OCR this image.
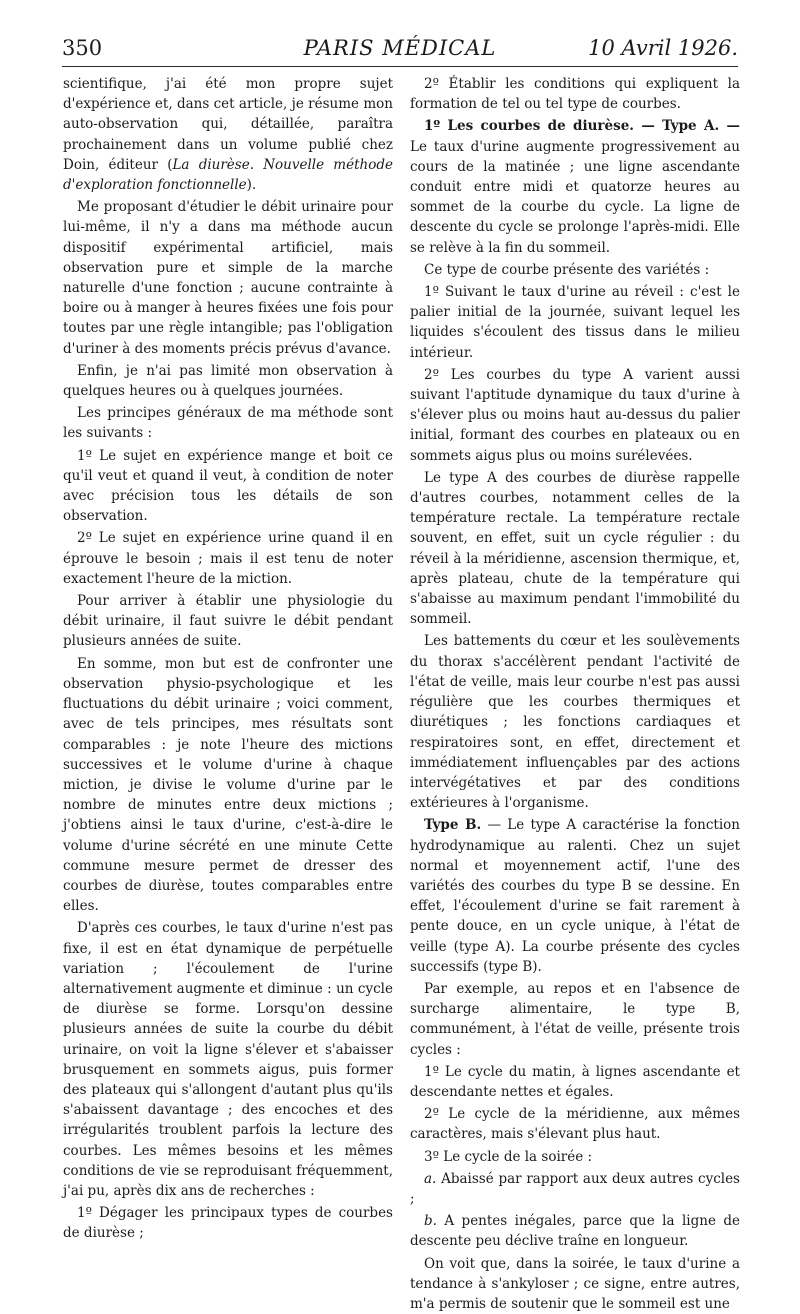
350	PARIS MÉDICAL	10 Avril 1926.

scientifique, j'ai été mon propre sujet d'expérience et, dans cet article, je résume mon auto-observation qui, détaillée, paraîtra prochainement dans un volume publié chez Doin, éditeur (La diurèse. Nouvelle méthode d'exploration fonctionnelle).

Me proposant d'étudier le débit urinaire pour lui-même, il n'y a dans ma méthode aucun dispositif expérimental artificiel, mais observation pure et simple de la marche naturelle d'une fonction ; aucune contrainte à boire ou à manger à heures fixées une fois pour toutes par une règle intangible; pas l'obligation d'uriner à des moments précis prévus d'avance.

Enfin, je n'ai pas limité mon observation à quelques heures ou à quelques journées.

Les principes généraux de ma méthode sont les suivants :

1º Le sujet en expérience mange et boit ce qu'il veut et quand il veut, à condition de noter avec précision tous les détails de son observation.

2º Le sujet en expérience urine quand il en éprouve le besoin ; mais il est tenu de noter exactement l'heure de la miction.

Pour arriver à établir une physiologie du débit urinaire, il faut suivre le débit pendant plusieurs années de suite.

En somme, mon but est de confronter une observation physio-psychologique et les fluctuations du débit urinaire ; voici comment, avec de tels principes, mes résultats sont comparables : je note l'heure des mictions successives et le volume d'urine à chaque miction, je divise le volume d'urine par le nombre de minutes entre deux mictions ; j'obtiens ainsi le taux d'urine, c'est-à-dire le volume d'urine sécrété en une minute Cette commune mesure permet de dresser des courbes de diurèse, toutes comparables entre elles.

D'après ces courbes, le taux d'urine n'est pas fixe, il est en état dynamique de perpétuelle variation ; l'écoulement de l'urine alternativement augmente et diminue : un cycle de diurèse se forme. Lorsqu'on dessine plusieurs années de suite la courbe du débit urinaire, on voit la ligne s'élever et s'abaisser brusquement en sommets aigus, puis former des plateaux qui s'allongent d'autant plus qu'ils s'abaissent davantage ; des encoches et des irrégularités troublent parfois la lecture des courbes. Les mêmes besoins et les mêmes conditions de vie se reproduisant fréquemment, j'ai pu, après dix ans de recherches :

1º Dégager les principaux types de courbes de diurèse ;

2º Établir les conditions qui expliquent la formation de tel ou tel type de courbes.

1º Les courbes de diurèse. — Type A. — Le taux d'urine augmente progressivement au cours de la matinée ; une ligne ascendante conduit entre midi et quatorze heures au sommet de la courbe du cycle. La ligne de descente du cycle se prolonge l'après-midi. Elle se relève à la fin du sommeil.

Ce type de courbe présente des variétés :

1º Suivant le taux d'urine au réveil : c'est le palier initial de la journée, suivant lequel les liquides s'écoulent des tissus dans le milieu intérieur.

2º Les courbes du type A varient aussi suivant l'aptitude dynamique du taux d'urine à s'élever plus ou moins haut au-dessus du palier initial, formant des courbes en plateaux ou en sommets aigus plus ou moins surélevées.

Le type A des courbes de diurèse rappelle d'autres courbes, notamment celles de la température rectale. La température rectale souvent, en effet, suit un cycle régulier : du réveil à la méridienne, ascension thermique, et, après plateau, chute de la température qui s'abaisse au maximum pendant l'immobilité du sommeil.

Les battements du cœur et les soulèvements du thorax s'accélèrent pendant l'activité de l'état de veille, mais leur courbe n'est pas aussi régulière que les courbes thermiques et diurétiques ; les fonctions cardiaques et respiratoires sont, en effet, directement et immédiatement influençables par des actions intervégétatives et par des conditions extérieures à l'organisme.

Type B. — Le type A caractérise la fonction hydrodynamique au ralenti. Chez un sujet normal et moyennement actif, l'une des variétés des courbes du type B se dessine. En effet, l'écoulement d'urine se fait rarement à pente douce, en un cycle unique, à l'état de veille (type A). La courbe présente des cycles successifs (type B).

Par exemple, au repos et en l'absence de surcharge alimentaire, le type B, communément, à l'état de veille, présente trois cycles :

1º Le cycle du matin, à lignes ascendante et descendante nettes et égales.

2º Le cycle de la méridienne, aux mêmes caractères, mais s'élevant plus haut.

3º Le cycle de la soirée :

a. Abaissé par rapport aux deux autres cycles ;

b. A pentes inégales, parce que la ligne de descente peu déclive traîne en longueur.

On voit que, dans la soirée, le taux d'urine a tendance à s'ankyloser ; ce signe, entre autres, m'a permis de soutenir que le sommeil est une
